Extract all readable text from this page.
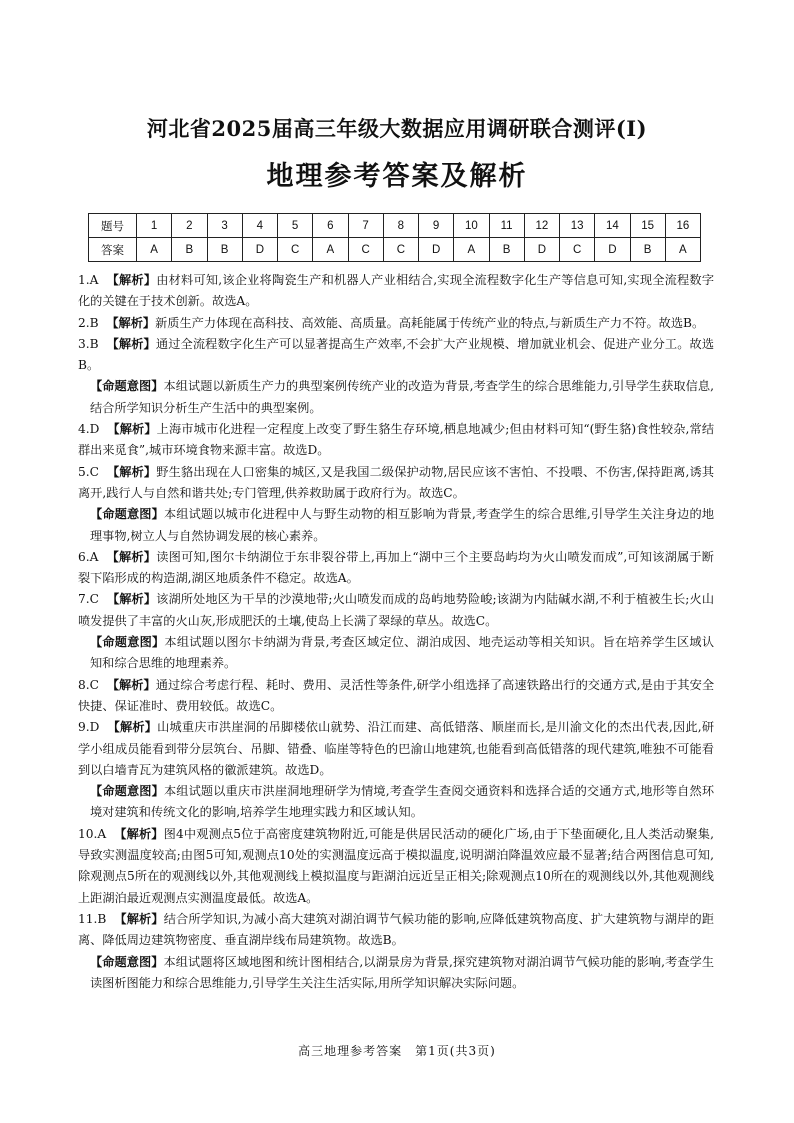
河北省2025届高三年级大数据应用调研联合测评(Ⅰ)
地理参考答案及解析
题号	1	2	3	4	5	6	7	8	9	10	11	12	13	14	15	16
答案	A	B	B	D	C	A	C	C	D	A	B	D	C	D	B	A

1.A 【解析】由材料可知,该企业将陶瓷生产和机器人产业相结合,实现全流程数字化生产等信息可知,实现全流程数字化的关键在于技术创新。故选A。

2.B 【解析】新质生产力体现在高科技、高效能、高质量。高耗能属于传统产业的特点,与新质生产力不符。故选B。

3.B 【解析】通过全流程数字化生产可以显著提高生产效率,不会扩大产业规模、增加就业机会、促进产业分工。故选B。

【命题意图】本组试题以新质生产力的典型案例传统产业的改造为背景,考查学生的综合思维能力,引导学生获取信息,结合所学知识分析生产生活中的典型案例。

4.D 【解析】上海市城市化进程一定程度上改变了野生貉生存环境,栖息地减少;但由材料可知“(野生貉)食性较杂,常结群出来觅食”,城市环境食物来源丰富。故选D。

5.C 【解析】野生貉出现在人口密集的城区,又是我国二级保护动物,居民应该不害怕、不投喂、不伤害,保持距离,诱其离开,践行人与自然和谐共处;专门管理,供养救助属于政府行为。故选C。

【命题意图】本组试题以城市化进程中人与野生动物的相互影响为背景,考查学生的综合思维,引导学生关注身边的地理事物,树立人与自然协调发展的核心素养。

6.A 【解析】读图可知,图尔卡纳湖位于东非裂谷带上,再加上“湖中三个主要岛屿均为火山喷发而成”,可知该湖属于断裂下陷形成的构造湖,湖区地质条件不稳定。故选A。

7.C 【解析】该湖所处地区为干旱的沙漠地带;火山喷发而成的岛屿地势险峻;该湖为内陆碱水湖,不利于植被生长;火山喷发提供了丰富的火山灰,形成肥沃的土壤,使岛上长满了翠绿的草丛。故选C。

【命题意图】本组试题以图尔卡纳湖为背景,考查区域定位、湖泊成因、地壳运动等相关知识。旨在培养学生区域认知和综合思维的地理素养。

8.C 【解析】通过综合考虑行程、耗时、费用、灵活性等条件,研学小组选择了高速铁路出行的交通方式,是由于其安全快捷、保证准时、费用较低。故选C。

9.D 【解析】山城重庆市洪崖洞的吊脚楼依山就势、沿江而建、高低错落、顺崖而长,是川渝文化的杰出代表,因此,研学小组成员能看到带分层筑台、吊脚、错叠、临崖等特色的巴渝山地建筑,也能看到高低错落的现代建筑,唯独不可能看到以白墙青瓦为建筑风格的徽派建筑。故选D。

【命题意图】本组试题以重庆市洪崖洞地理研学为情境,考查学生查阅交通资料和选择合适的交通方式,地形等自然环境对建筑和传统文化的影响,培养学生地理实践力和区域认知。

10.A 【解析】图4中观测点5位于高密度建筑物附近,可能是供居民活动的硬化广场,由于下垫面硬化,且人类活动聚集,导致实测温度较高;由图5可知,观测点10处的实测温度远高于模拟温度,说明湖泊降温效应最不显著;结合两图信息可知,除观测点5所在的观测线以外,其他观测线上模拟温度与距湖泊远近呈正相关;除观测点10所在的观测线以外,其他观测线上距湖泊最近观测点实测温度最低。故选A。

11.B 【解析】结合所学知识,为减小高大建筑对湖泊调节气候功能的影响,应降低建筑物高度、扩大建筑物与湖岸的距离、降低周边建筑物密度、垂直湖岸线布局建筑物。故选B。

【命题意图】本组试题将区域地图和统计图相结合,以湖景房为背景,探究建筑物对湖泊调节气候功能的影响,考查学生读图析图能力和综合思维能力,引导学生关注生活实际,用所学知识解决实际问题。

高三地理参考答案　第1页(共3页)
